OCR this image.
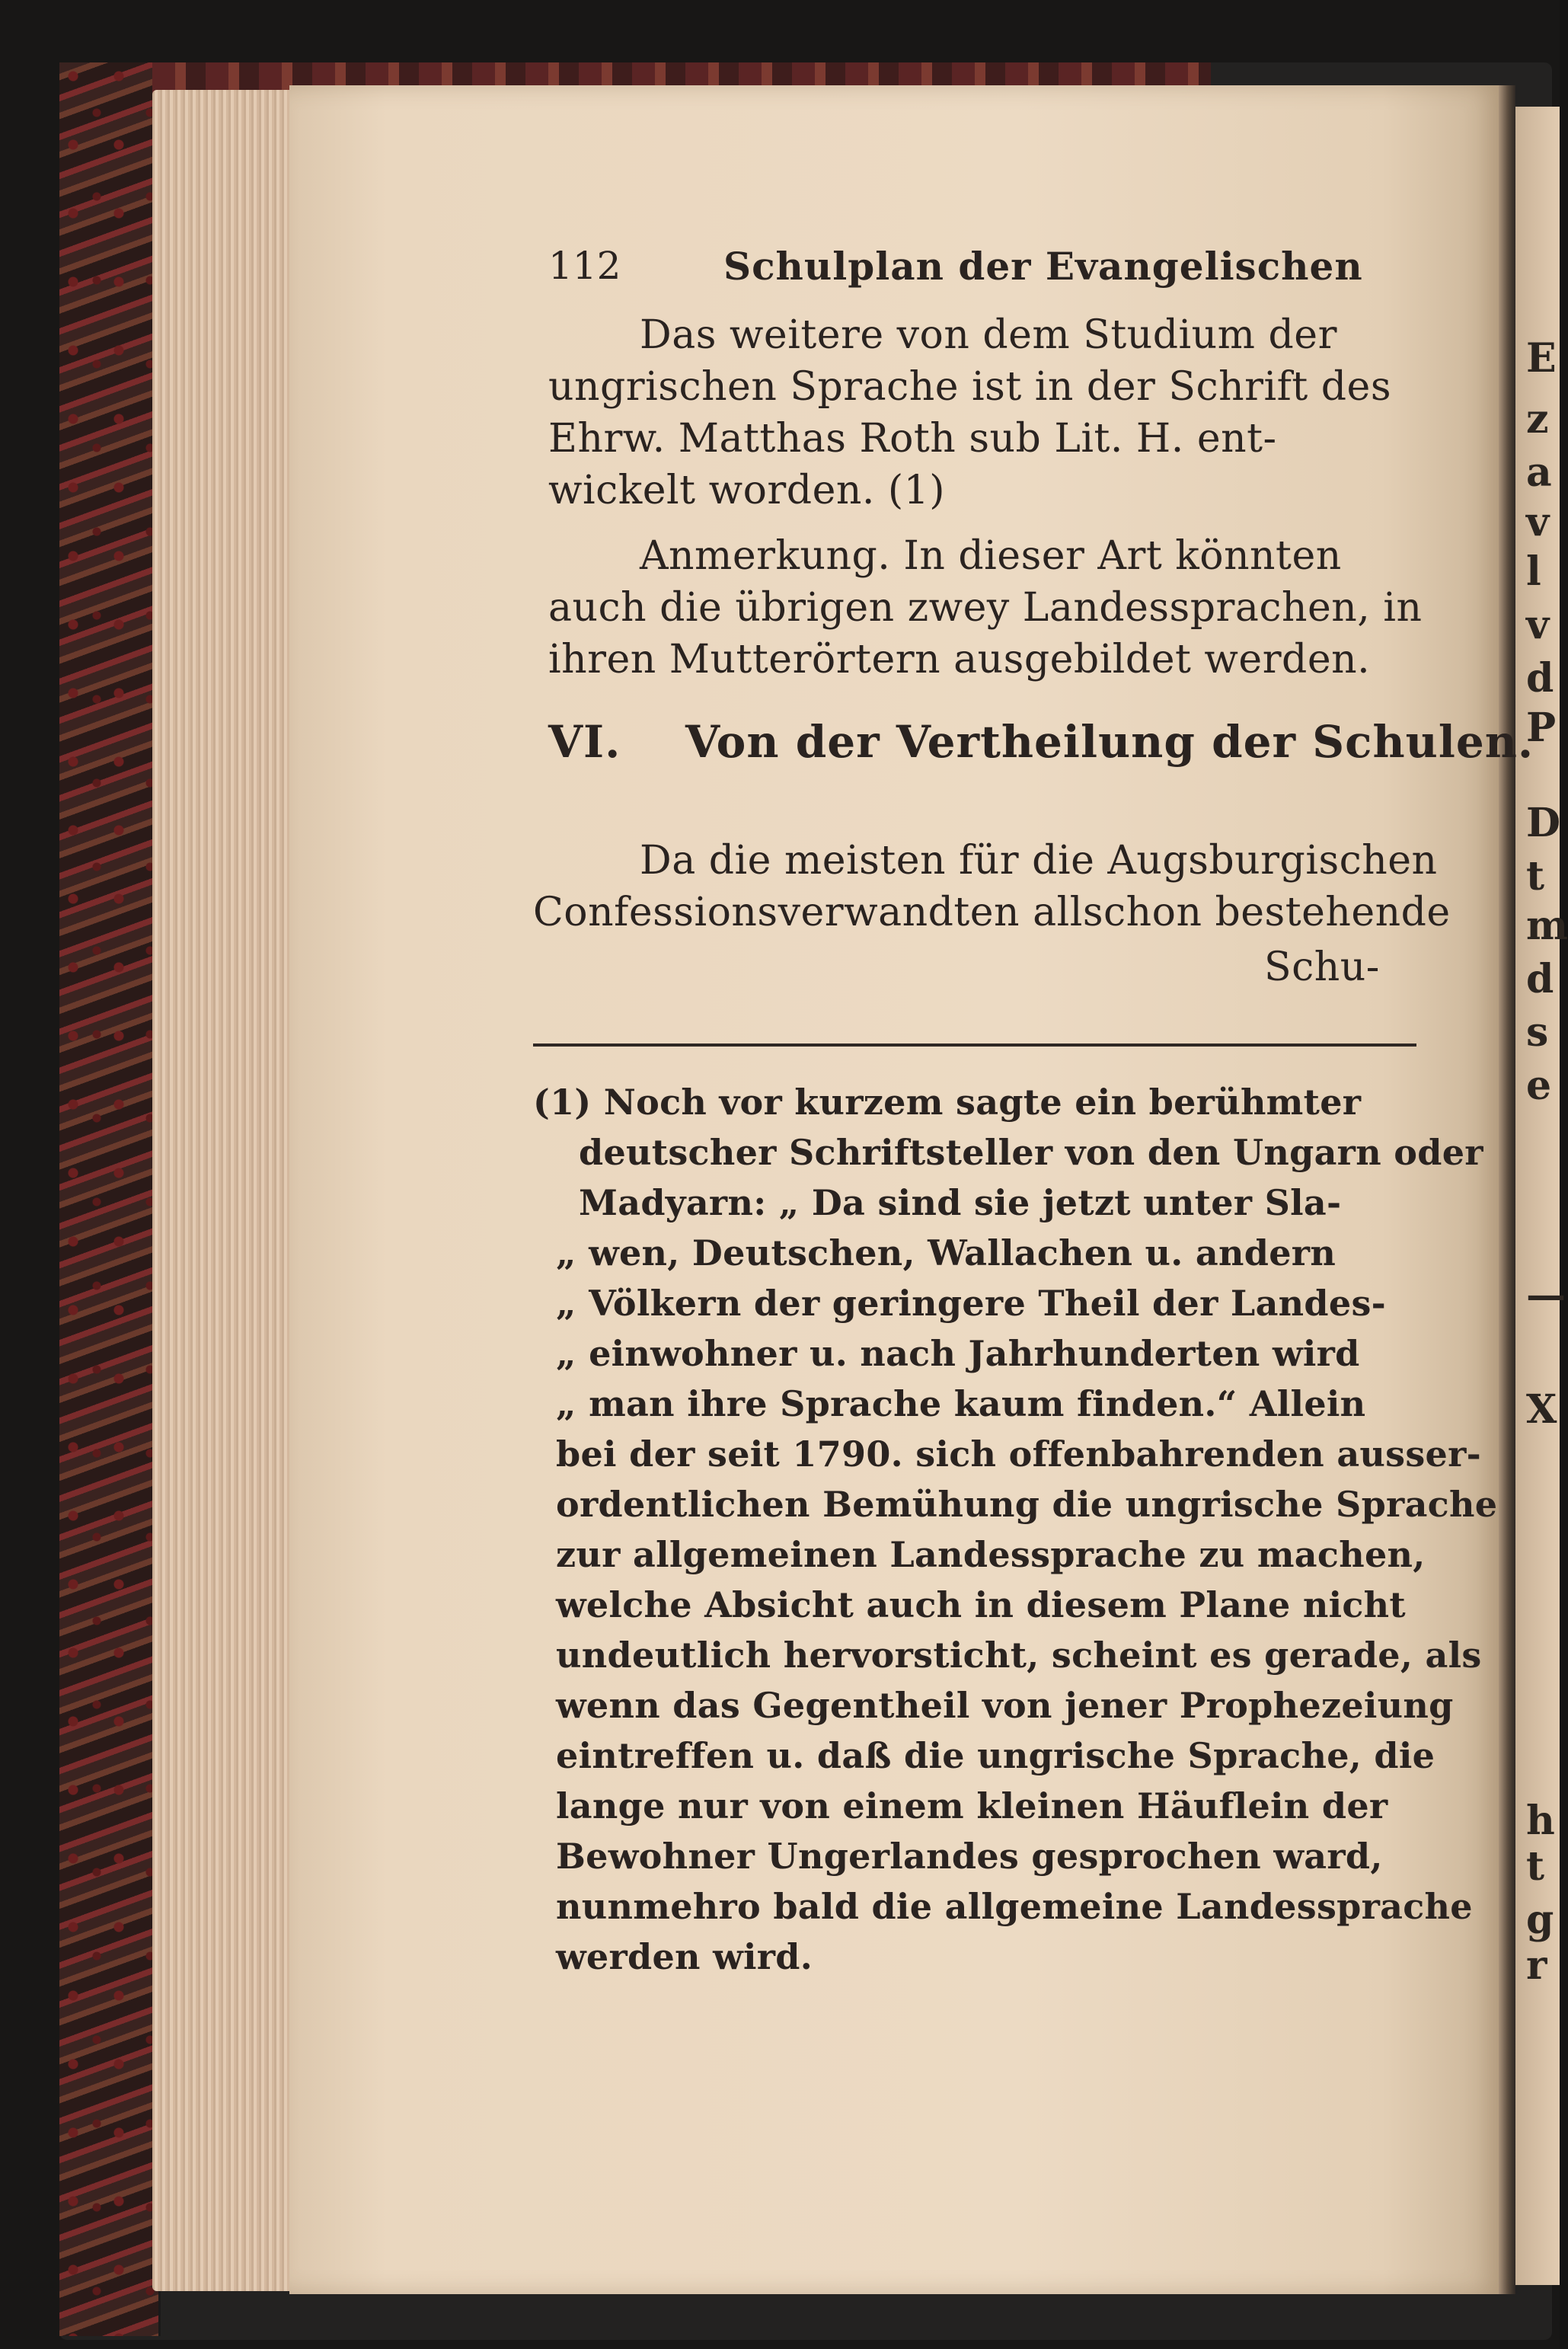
E
z
a
v
l
v
d
P
D
t
m
d
s
e
—
X
h
t
g
r
112	Schulplan der Evangelischen
Das weitere von dem Studium der
ungrischen Sprache ist in der Schrift des
Ehrw. Matthas Roth sub Lit. H. ent-
wickelt worden. (1)
Anmerkung. In dieser Art könnten
auch die übrigen zwey Landessprachen, in
ihren Mutterörtern ausgebildet werden.
VI. Von der Vertheilung der Schulen.
Da die meisten für die Augsburgischen
Confessionsverwandten allschon bestehende
Schu-
(1) Noch vor kurzem sagte ein berühmter
deutscher Schriftsteller von den Ungarn oder
Madyarn: „ Da sind sie jetzt unter Sla-
„ wen, Deutschen, Wallachen u. andern
„ Völkern der geringere Theil der Landes-
„ einwohner u. nach Jahrhunderten wird
„ man ihre Sprache kaum finden.“ Allein
bei der seit 1790. sich offenbahrenden ausser-
ordentlichen Bemühung die ungrische Sprache
zur allgemeinen Landessprache zu machen,
welche Absicht auch in diesem Plane nicht
undeutlich hervorsticht, scheint es gerade, als
wenn das Gegentheil von jener Prophezeiung
eintreffen u. daß die ungrische Sprache, die
lange nur von einem kleinen Häuflein der
Bewohner Ungerlandes gesprochen ward,
nunmehro bald die allgemeine Landessprache
werden wird.
